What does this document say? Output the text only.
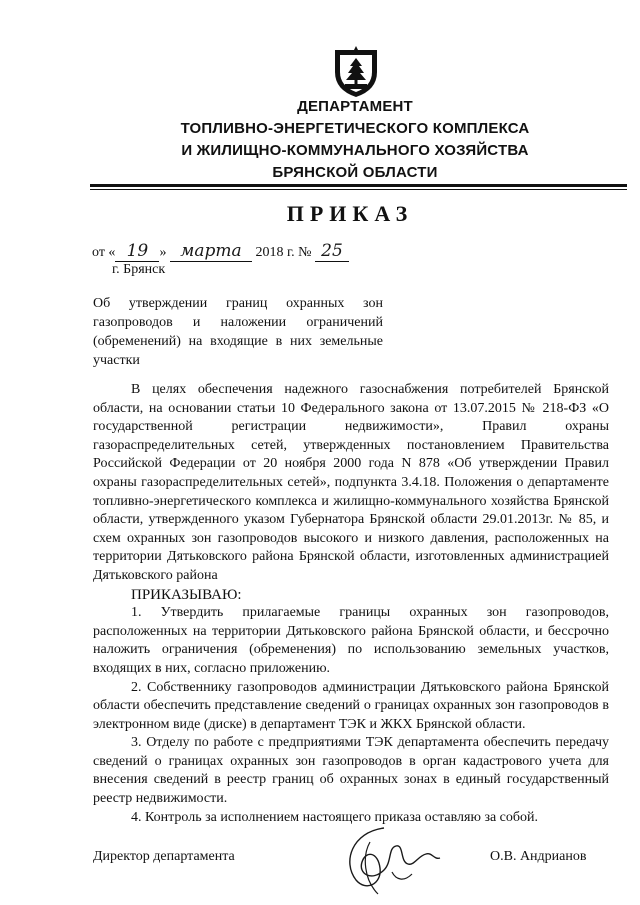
ДЕПАРТАМЕНТ
ТОПЛИВНО-ЭНЕРГЕТИЧЕСКОГО КОМПЛЕКСА
И ЖИЛИЩНО-КОММУНАЛЬНОГО ХОЗЯЙСТВА
БРЯНСКОЙ ОБЛАСТИ
ПРИКАЗ
от « 19 » марта 2018 г. № 25
г. Брянск
Об утверждении границ охранных зон газопроводов и наложении ограничений (обременений) на входящие в них земельные участки

В целях обеспечения надежного газоснабжения потребителей Брянской области, на основании статьи 10 Федерального закона от 13.07.2015 № 218-ФЗ «О государственной регистрации недвижимости», Правил охраны газораспределительных сетей, утвержденных постановлением Правительства Российской Федерации от 20 ноября 2000 года N 878 «Об утверждении Правил охраны газораспределительных сетей», подпункта 3.4.18. Положения о департаменте топливно-энергетического комплекса и жилищно-коммунального хозяйства Брянской области, утвержденного указом Губернатора Брянской области 29.01.2013г. № 85, и схем охранных зон газопроводов высокого и низкого давления, расположенных на территории Дятьковского района Брянской области, изготовленных администрацией Дятьковского района

ПРИКАЗЫВАЮ:

1. Утвердить прилагаемые границы охранных зон газопроводов, расположенных на территории Дятьковского района Брянской области, и бессрочно наложить ограничения (обременения) по использованию земельных участков, входящих в них, согласно приложению.

2. Собственнику газопроводов администрации Дятьковского района Брянской области обеспечить представление сведений о границах охранных зон газопроводов в электронном виде (диске) в департамент ТЭК и ЖКХ Брянской области.

3. Отделу по работе с предприятиями ТЭК департамента обеспечить передачу сведений о границах охранных зон газопроводов в орган кадастрового учета для внесения сведений в реестр границ об охранных зонах в единый государственный реестр недвижимости.

4. Контроль за исполнением настоящего приказа оставляю за собой.

Директор департамента	О.В. Андрианов
